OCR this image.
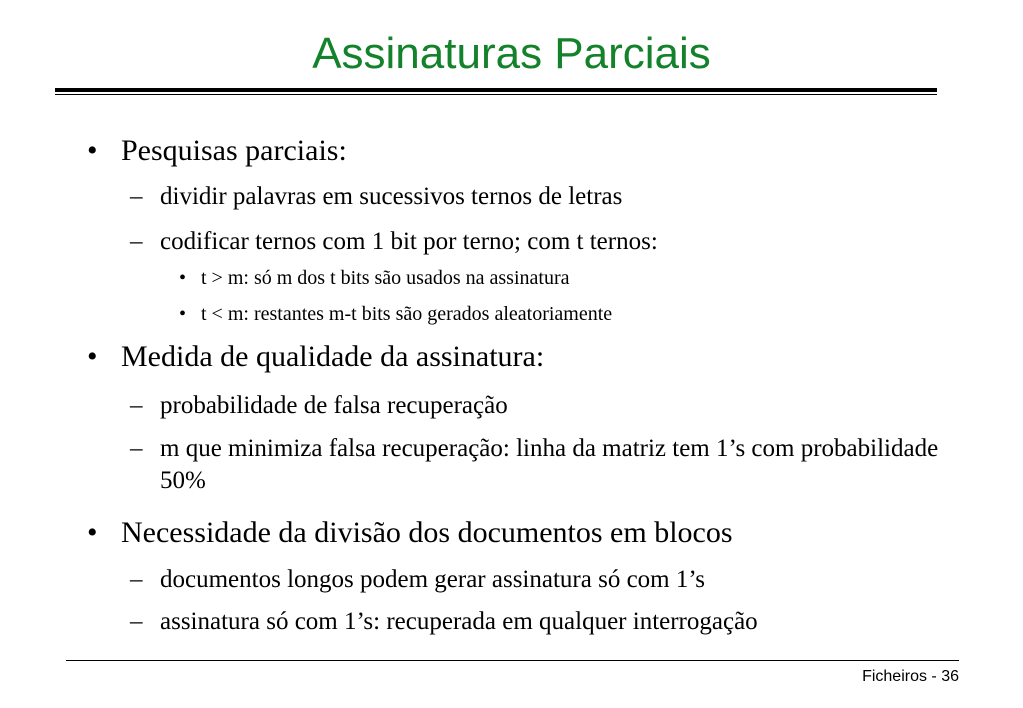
Assinaturas Parciais

• Pesquisas parciais:

– dividir palavras em sucessivos ternos de letras

– codificar ternos com 1 bit por terno; com t ternos:

• t > m: só m dos t bits são usados na assinatura

• t < m: restantes m-t bits são gerados aleatoriamente

• Medida de qualidade da assinatura:

– probabilidade de falsa recuperação

– m que minimiza falsa recuperação: linha da matriz tem 1’s com probabilidade 50%

• Necessidade da divisão dos documentos em blocos

– documentos longos podem gerar assinatura só com 1’s

– assinatura só com 1’s: recuperada em qualquer interrogação

Ficheiros - 36
